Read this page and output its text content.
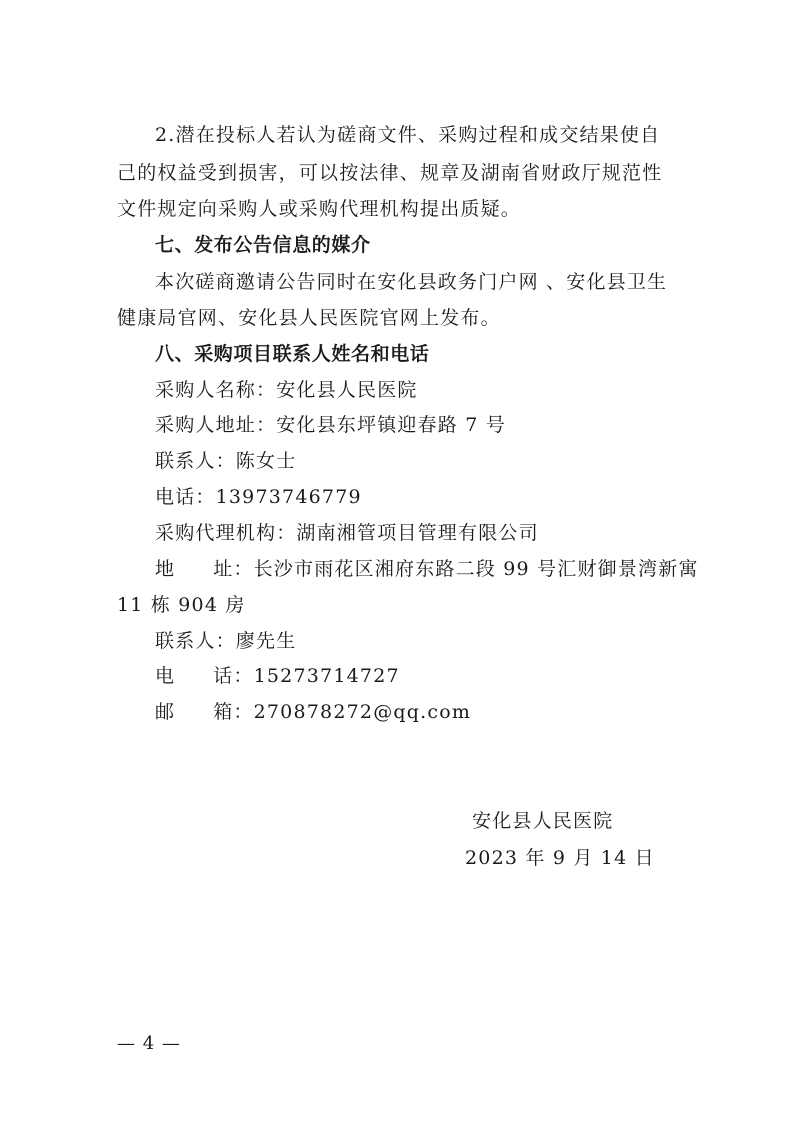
2.潜在投标人若认为磋商文件、采购过程和成交结果使自
己的权益受到损害，可以按法律、规章及湖南省财政厅规范性
文件规定向采购人或采购代理机构提出质疑。
七、发布公告信息的媒介
本次磋商邀请公告同时在安化县政务门户网 、安化县卫生
健康局官网、安化县人民医院官网上发布。
八、采购项目联系人姓名和电话
采购人名称：安化县人民医院
采购人地址：安化县东坪镇迎春路 7 号
联系人：陈女士
电话：13973746779
采购代理机构：湖南湘管项目管理有限公司
地 址：长沙市雨花区湘府东路二段 99 号汇财御景湾新寓
11 栋 904 房
联系人：廖先生
电 话：15273714727
邮 箱：270878272@qq.com
安化县人民医院
2023 年 9 月 14 日
— 4 —
